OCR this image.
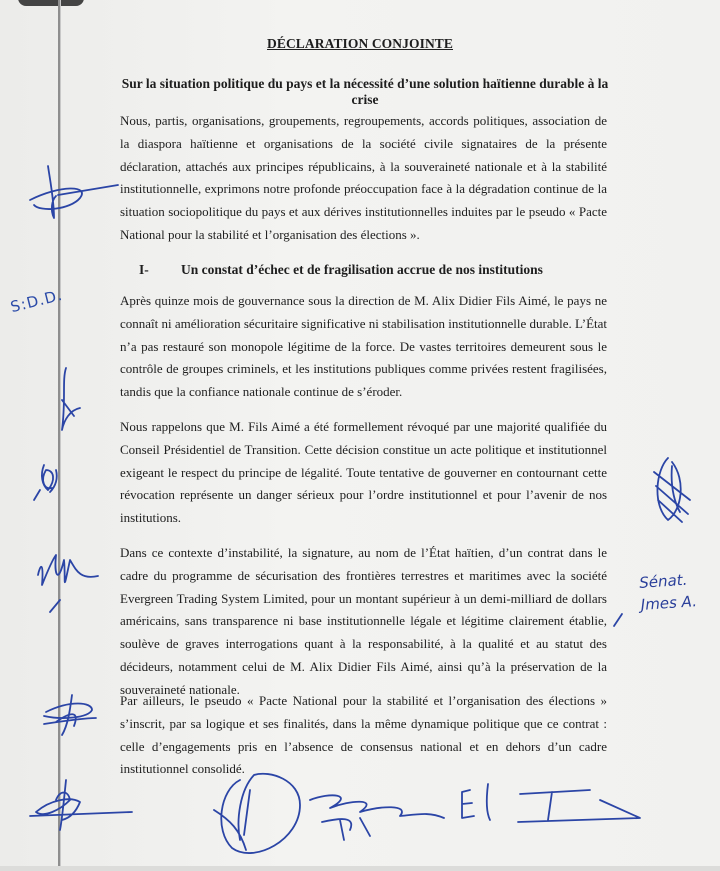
DÉCLARATION CONJOINTE
Sur la situation politique du pays et la nécessité d’une solution haïtienne durable à la crise

Nous, partis, organisations, groupements, regroupements, accords politiques, association de la diaspora haïtienne et organisations de la société civile signataires de la présente déclaration, attachés aux principes républicains, à la souveraineté nationale et à la stabilité institutionnelle, exprimons notre profonde préoccupation face à la dégradation continue de la situation sociopolitique du pays et aux dérives institutionnelles induites par le pseudo « Pacte National pour la stabilité et l’organisation des élections ».

I- Un constat d’échec et de fragilisation accrue de nos institutions

Après quinze mois de gouvernance sous la direction de M. Alix Didier Fils Aimé, le pays ne connaît ni amélioration sécuritaire significative ni stabilisation institutionnelle durable. L’État n’a pas restauré son monopole légitime de la force. De vastes territoires demeurent sous le contrôle de groupes criminels, et les institutions publiques comme privées restent fragilisées, tandis que la confiance nationale continue de s’éroder.

Nous rappelons que M. Fils Aimé a été formellement révoqué par une majorité qualifiée du Conseil Présidentiel de Transition. Cette décision constitue un acte politique et institutionnel exigeant le respect du principe de légalité. Toute tentative de gouverner en contournant cette révocation représente un danger sérieux pour l’ordre institutionnel et pour l’avenir de nos institutions.

Dans ce contexte d’instabilité, la signature, au nom de l’État haïtien, d’un contrat dans le cadre du programme de sécurisation des frontières terrestres et maritimes avec la société Evergreen Trading System Limited, pour un montant supérieur à un demi-milliard de dollars américains, sans transparence ni base institutionnelle légale et légitime clairement établie, soulève de graves interrogations quant à la responsabilité, à la qualité et au statut des décideurs, notamment celui de M. Alix Didier Fils Aimé, ainsi qu’à la préservation de la souveraineté nationale.

Par ailleurs, le pseudo « Pacte National pour la stabilité et l’organisation des élections » s’inscrit, par sa logique et ses finalités, dans la même dynamique politique que ce contrat : celle d’engagements pris en l’absence de consensus national et en dehors d’un cadre institutionnel consolidé.

S:D.D.
Sénat.
Jmes A.
